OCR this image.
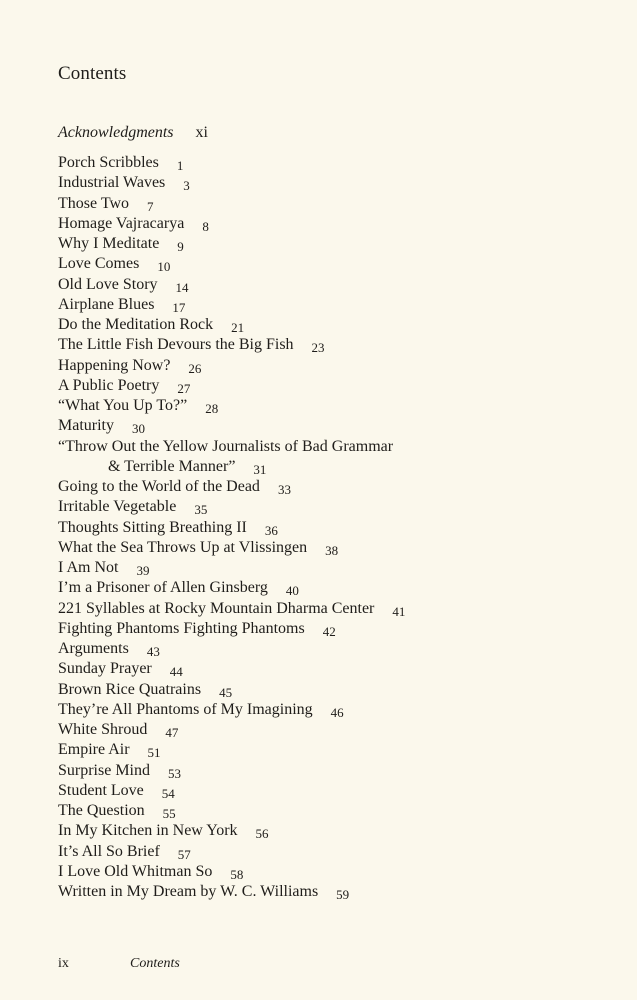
Contents
Acknowledgments xi
Porch Scribbles 1
Industrial Waves 3
Those Two 7
Homage Vajracarya 8
Why I Meditate 9
Love Comes 10
Old Love Story 14
Airplane Blues 17
Do the Meditation Rock 21
The Little Fish Devours the Big Fish 23
Happening Now? 26
A Public Poetry 27
“What You Up To?” 28
Maturity 30
“Throw Out the Yellow Journalists of Bad Grammar
& Terrible Manner” 31
Going to the World of the Dead 33
Irritable Vegetable 35
Thoughts Sitting Breathing II 36
What the Sea Throws Up at Vlissingen 38
I Am Not 39
I’m a Prisoner of Allen Ginsberg 40
221 Syllables at Rocky Mountain Dharma Center 41
Fighting Phantoms Fighting Phantoms 42
Arguments 43
Sunday Prayer 44
Brown Rice Quatrains 45
They’re All Phantoms of My Imagining 46
White Shroud 47
Empire Air 51
Surprise Mind 53
Student Love 54
The Question 55
In My Kitchen in New York 56
It’s All So Brief 57
I Love Old Whitman So 58
Written in My Dream by W. C. Williams 59
ix	Contents
